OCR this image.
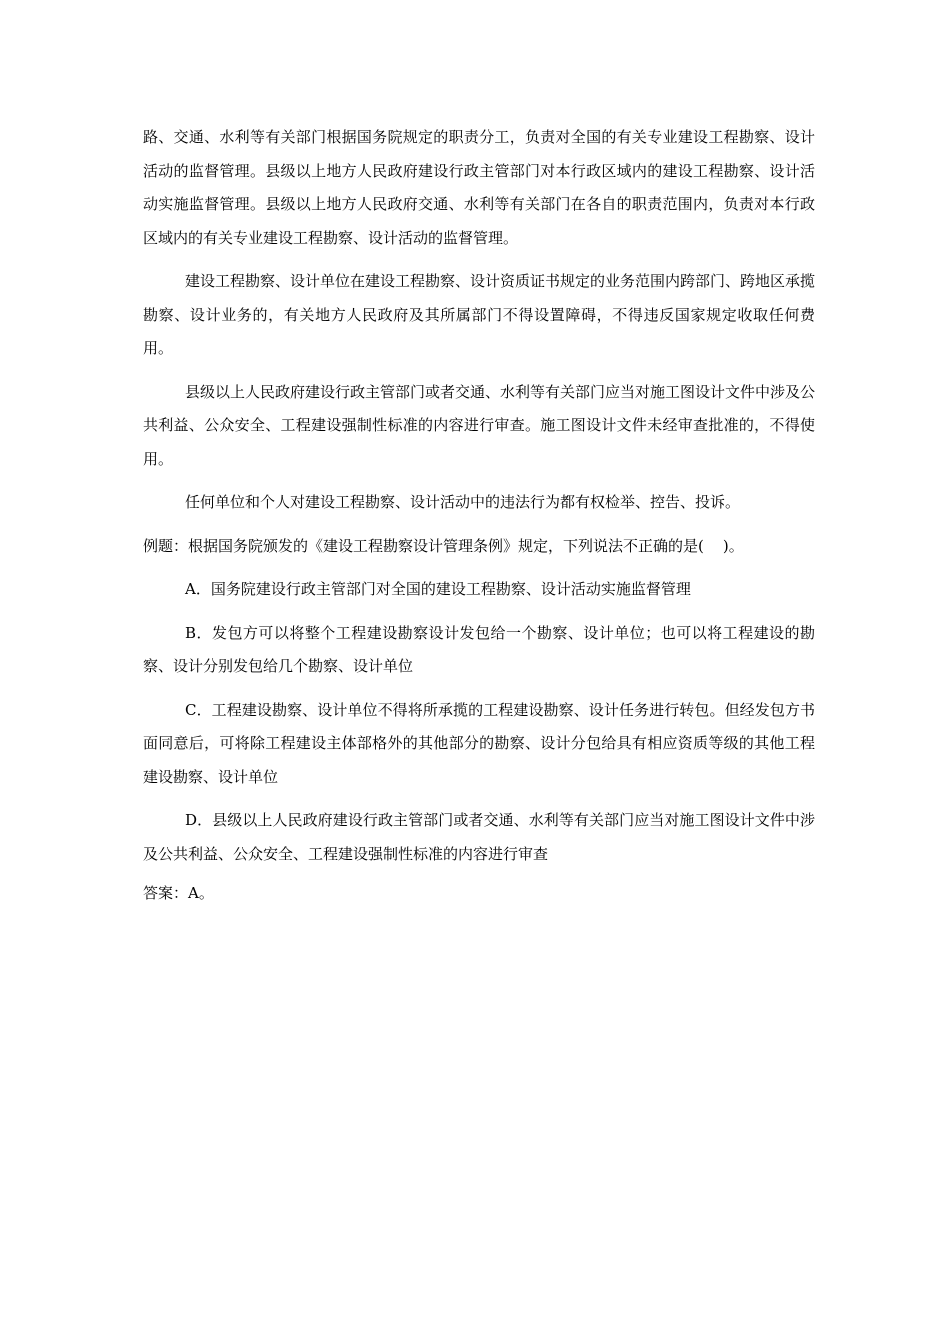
路、交通、水利等有关部门根据国务院规定的职责分工，负责对全国的有关专业建设工程勘察、设计活动的监督管理。县级以上地方人民政府建设行政主管部门对本行政区域内的建设工程勘察、设计活动实施监督管理。县级以上地方人民政府交通、水利等有关部门在各自的职责范围内，负责对本行政区域内的有关专业建设工程勘察、设计活动的监督管理。

建设工程勘察、设计单位在建设工程勘察、设计资质证书规定的业务范围内跨部门、跨地区承揽勘察、设计业务的，有关地方人民政府及其所属部门不得设置障碍，不得违反国家规定收取任何费用。

县级以上人民政府建设行政主管部门或者交通、水利等有关部门应当对施工图设计文件中涉及公共利益、公众安全、工程建设强制性标准的内容进行审查。施工图设计文件未经审查批准的，不得使用。

任何单位和个人对建设工程勘察、设计活动中的违法行为都有权检举、控告、投诉。

例题：根据国务院颁发的《建设工程勘察设计管理条例》规定，下列说法不正确的是(    )。

A．国务院建设行政主管部门对全国的建设工程勘察、设计活动实施监督管理

B．发包方可以将整个工程建设勘察设计发包给一个勘察、设计单位；也可以将工程建设的勘察、设计分别发包给几个勘察、设计单位

C．工程建设勘察、设计单位不得将所承揽的工程建设勘察、设计任务进行转包。但经发包方书面同意后，可将除工程建设主体部格外的其他部分的勘察、设计分包给具有相应资质等级的其他工程建设勘察、设计单位

D．县级以上人民政府建设行政主管部门或者交通、水利等有关部门应当对施工图设计文件中涉及公共利益、公众安全、工程建设强制性标准的内容进行审查

答案：A。
